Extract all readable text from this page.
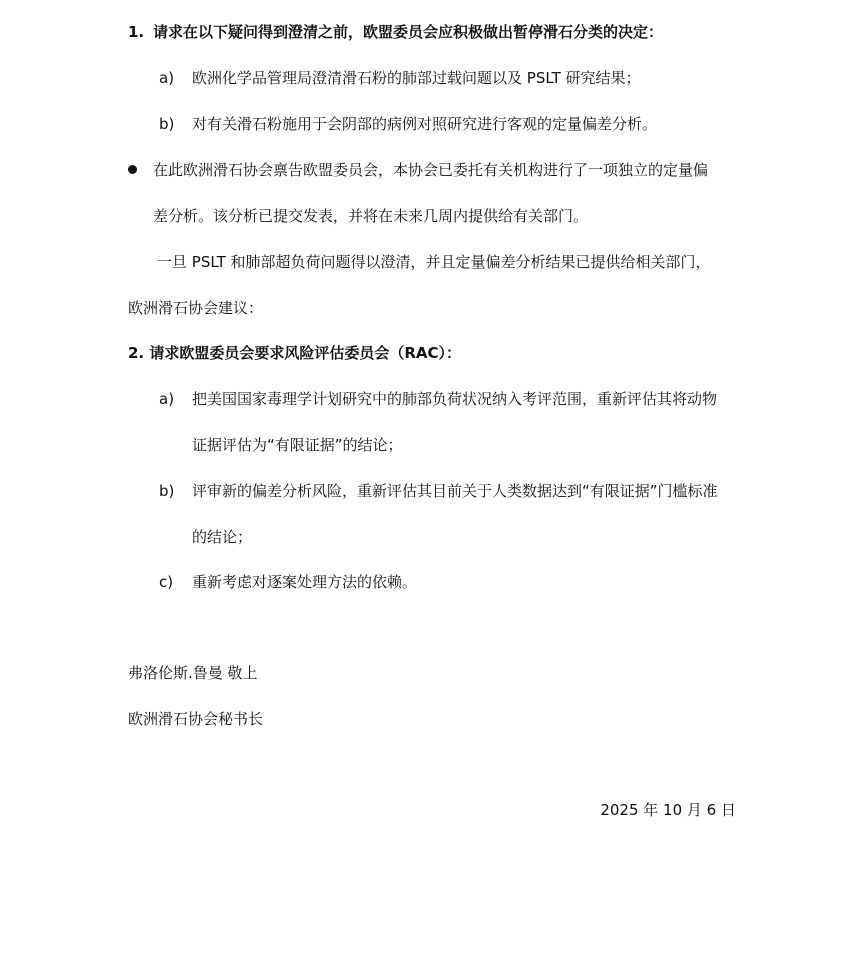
1. 请求在以下疑问得到澄清之前，欧盟委员会应积极做出暂停滑石分类的决定：
a) 欧洲化学品管理局澄清滑石粉的肺部过载问题以及 PSLT 研究结果；
b) 对有关滑石粉施用于会阴部的病例对照研究进行客观的定量偏差分析。
在此欧洲滑石协会禀告欧盟委员会，本协会已委托有关机构进行了一项独立的定量偏
差分析。该分析已提交发表，并将在未来几周内提供给有关部门。
一旦 PSLT 和肺部超负荷问题得以澄清，并且定量偏差分析结果已提供给相关部门，
欧洲滑石协会建议：
2. 请求欧盟委员会要求风险评估委员会（RAC）：
a) 把美国国家毒理学计划研究中的肺部负荷状况纳入考评范围，重新评估其将动物
证据评估为“有限证据”的结论；
b) 评审新的偏差分析风险，重新评估其目前关于人类数据达到“有限证据”门槛标准
的结论；
c) 重新考虑对逐案处理方法的依赖。
弗洛伦斯.鲁曼 敬上
欧洲滑石协会秘书长
2025 年 10 月 6 日
